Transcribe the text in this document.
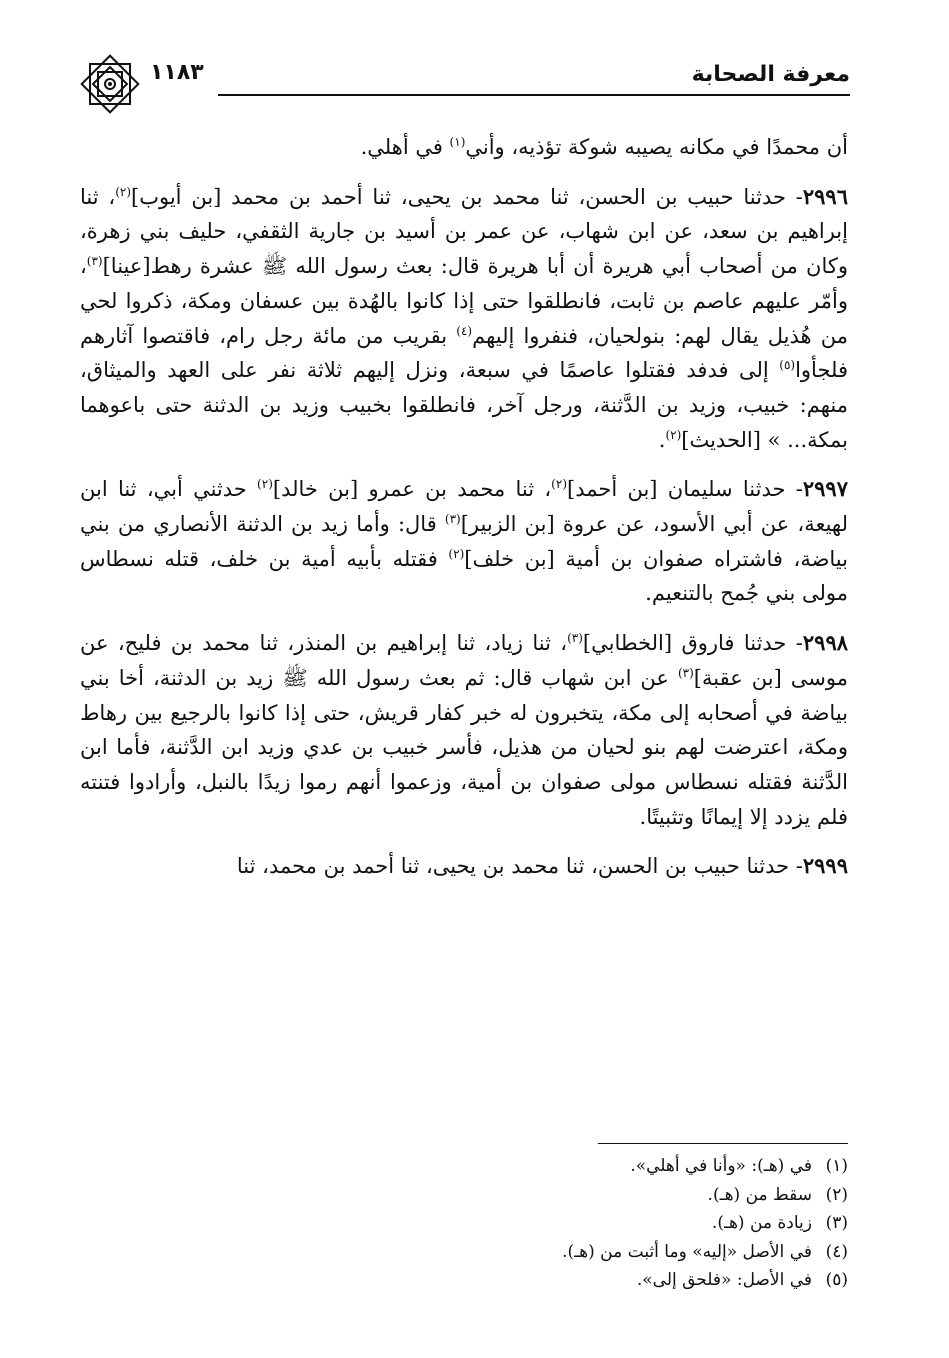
معرفة الصحابة
١١٨٣

أن محمدًا في مكانه يصيبه شوكة تؤذيه، وأني$^{(١)}$ في أهلي.

٢٩٩٦- حدثنا حبيب بن الحسن، ثنا محمد بن يحيى، ثنا أحمد بن محمد [بن أيوب]$^{(٢)}$، ثنا إبراهيم بن سعد، عن ابن شهاب، عن عمر بن أسيد بن جارية الثقفي، حليف بني زهرة، وكان من أصحاب أبي هريرة أن أبا هريرة قال: بعث رسول الله ﷺ عشرة رهط[عينا]$^{(٣)}$، وأمّر عليهم عاصم بن ثابت، فانطلقوا حتى إذا كانوا بالهُدة بين عسفان ومكة، ذكروا لحي من هُذيل يقال لهم: بنولحيان، فنفروا إليهم$^{(٤)}$ بقريب من مائة رجل رام، فاقتصوا آثارهم فلجأوا$^{(٥)}$ إلى فدفد فقتلوا عاصمًا في سبعة، ونزل إليهم ثلاثة نفر على العهد والميثاق، منهم: خبيب، وزيد بن الدَّثنة، ورجل آخر، فانطلقوا بخبيب وزيد بن الدثنة حتى باعوهما بمكة... » [الحديث]$^{(٢)}$.

٢٩٩٧- حدثنا سليمان [بن أحمد]$^{(٢)}$، ثنا محمد بن عمرو [بن خالد]$^{(٢)}$ حدثني أبي، ثنا ابن لهيعة، عن أبي الأسود، عن عروة [بن الزبير]$^{(٣)}$ قال: وأما زيد بن الدثنة الأنصاري من بني بياضة، فاشتراه صفوان بن أمية [بن خلف]$^{(٢)}$ فقتله بأبيه أمية بن خلف، قتله نسطاس مولى بني جُمح بالتنعيم.

٢٩٩٨- حدثنا فاروق [الخطابي]$^{(٣)}$، ثنا زياد، ثنا إبراهيم بن المنذر، ثنا محمد بن فليح، عن موسى [بن عقبة]$^{(٣)}$ عن ابن شهاب قال: ثم بعث رسول الله ﷺ زيد بن الدثنة، أخا بني بياضة في أصحابه إلى مكة، يتخبرون له خبر كفار قريش، حتى إذا كانوا بالرجيع بين رهاط ومكة، اعترضت لهم بنو لحيان من هذيل، فأسر خبيب بن عدي وزيد ابن الدَّثنة، فأما ابن الدَّثنة فقتله نسطاس مولى صفوان بن أمية، وزعموا أنهم رموا زيدًا بالنبل، وأرادوا فتنته فلم يزدد إلا إيمانًا وتثبيتًا.

٢٩٩٩- حدثنا حبيب بن الحسن، ثنا محمد بن يحيى، ثنا أحمد بن محمد، ثنا

(١)في (هـ): «وأنا في أهلي».

(٢)سقط من (هـ).

(٣)زيادة من (هـ).

(٤)في الأصل «إليه» وما أثبت من (هـ).

(٥)في الأصل: «فلحق إلى».
